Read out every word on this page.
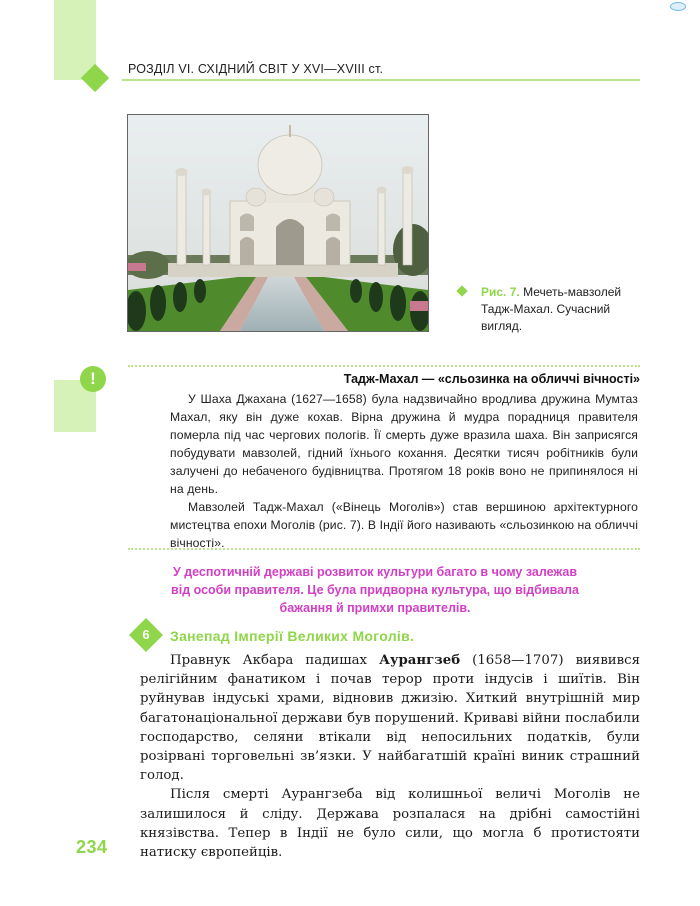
РОЗДІЛ VI. СХІДНИЙ СВІТ У XVI—XVIII ст.
Рис. 7. Мечеть-мавзолей Тадж-Махал. Сучасний вигляд.
!	Тадж-Махал — «сльозинка на обличчі вічності»

У Шаха Джахана (1627—1658) була надзвичайно вродлива дружина Мумтаз Махал, яку він дуже кохав. Вірна дружина й мудра порадниця правителя померла під час чергових пологів. Її смерть дуже вразила шаха. Він заприсягся побудувати мавзолей, гідний їхнього кохання. Десятки тисяч робітників були залучені до небаченого будівництва. Протягом 18 років воно не припинялося ні на день.

Мавзолей Тадж-Махал («Вінець Моголів») став вершиною архітектурного мистецтва епохи Моголів (рис. 7). В Індії його називають «сльозинкою на обличчі вічності».

У деспотичній державі розвиток культури багато в чому залежав від особи правителя. Це була придворна культура, що відбивала бажання й примхи правителів.
6	Занепад Імперії Великих Моголів.

Правнук Акбара падишах Аурангзеб (1658—1707) виявився релігійним фанатиком і почав терор проти індусів і шиїтів. Він руйнував індуські храми, відновив джизію. Хиткий внутрішній мир багатонаціональної держави був порушений. Криваві війни послабили господарство, селяни втікали від непосильних податків, були розірвані торговельні зв’язки. У найбагатшій країні виник страшний голод.

Після смерті Аурангзеба від колишньої величі Моголів не залишилося й сліду. Держава розпалася на дрібні самостійні князівства. Тепер в Індії не було сили, що могла б протистояти натиску європейців.

234
